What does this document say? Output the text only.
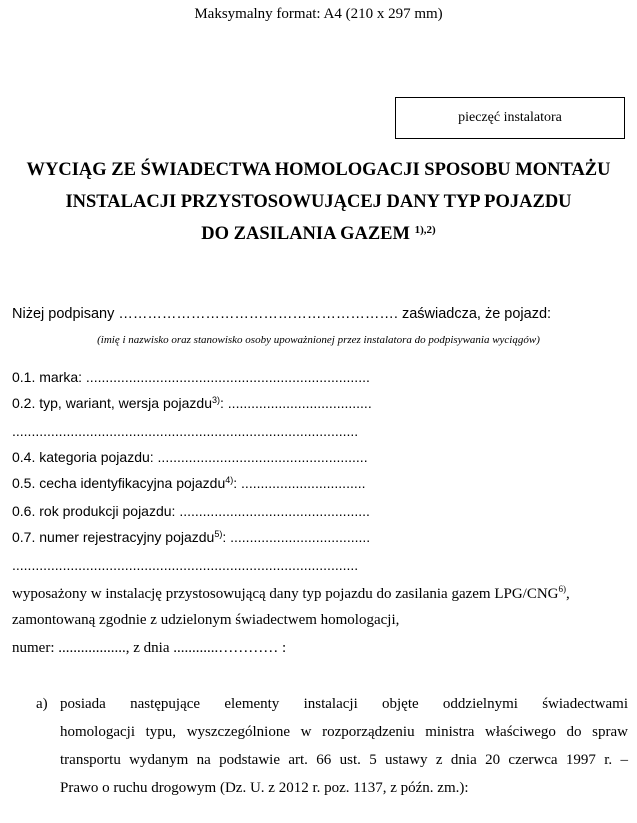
Maksymalny format: A4 (210 x 297 mm)
pieczęć instalatora
WYCIĄG ZE ŚWIADECTWA HOMOLOGACJI SPOSOBU MONTAŻU
INSTALACJI PRZYSTOSOWUJĄCEJ DANY TYP POJAZDU
DO ZASILANIA GAZEM $^{1),2)}$
Niżej podpisany …………………………………………………. zaświadcza, że pojazd:
(imię i nazwisko oraz stanowisko osoby upoważnionej przez instalatora do podpisywania wyciągów)
0.1. marka: .........................................................................
0.2. typ, wariant, wersja pojazdu$^{3)}$: .....................................
.........................................................................................
0.4. kategoria pojazdu: ......................................................
0.5. cecha identyfikacyjna pojazdu$^{4)}$: ................................
0.6. rok produkcji pojazdu: .................................................
0.7. numer rejestracyjny pojazdu$^{5)}$: ....................................
.........................................................................................
wyposażony w instalację przystosowującą dany typ pojazdu do zasilania gazem LPG/CNG$^{6)}$,
zamontowaną zgodnie z udzielonym świadectwem homologacji,
numer: .................., z dnia ............………… :
a) posiada następujące elementy instalacji objęte oddzielnymi świadectwami
homologacji typu, wyszczególnione w rozporządzeniu ministra właściwego do spraw
transportu wydanym na podstawie art. 66 ust. 5 ustawy z dnia 20 czerwca 1997 r. –
Prawo o ruchu drogowym (Dz. U. z 2012 r. poz. 1137, z późn. zm.):
